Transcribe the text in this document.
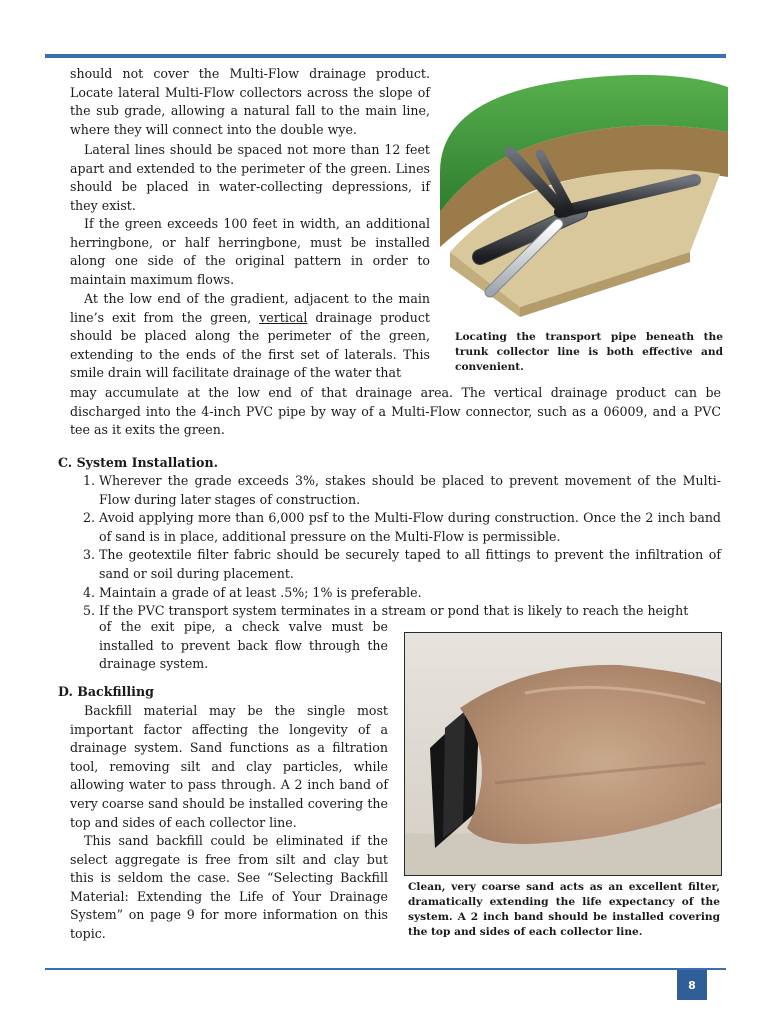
should not cover the Multi-Flow drainage product. Locate lateral Multi-Flow collectors across the slope of the sub grade, allowing a natural fall to the main line, where they will connect into the double wye.

Lateral lines should be spaced not more than 12 feet apart and extended to the perimeter of the green. Lines should be placed in water-collecting depressions, if they exist.

If the green exceeds 100 feet in width, an additional herringbone, or half herringbone, must be installed along one side of the original pattern in order to maintain maximum flows.

At the low end of the gradient, adjacent to the main line’s exit from the green, vertical drainage product should be placed along the perimeter of the green, extending to the ends of the first set of laterals. This smile drain will facilitate drainage of the water that

may accumulate at the low end of that drainage area. The vertical drainage product can be discharged into the 4-inch PVC pipe by way of a Multi-Flow connector, such as a 06009, and a PVC tee as it exits the green.

Locating the transport pipe beneath the trunk collector line is both effective and convenient.

C. System Installation.

1. Wherever the grade exceeds 3%, stakes should be placed to prevent movement of the Multi-Flow during later stages of construction.
2. Avoid applying more than 6,000 psf to the Multi-Flow during construction. Once the 2 inch band of sand is in place, additional pressure on the Multi-Flow is permissible.
3. The geotextile filter fabric should be securely taped to all fittings to prevent the infiltration of sand or soil during placement.
4. Maintain a grade of at least .5%; 1% is preferable.
5. If the PVC transport system terminates in a stream or pond that is likely to reach the height

of the exit pipe, a check valve must be installed to prevent back flow through the drainage system.

D. Backfilling

Backfill material may be the single most important factor affecting the longevity of a drainage system. Sand functions as a filtration tool, removing silt and clay particles, while allowing water to pass through. A 2 inch band of very coarse sand should be installed covering the top and sides of each collector line.

This sand backfill could be eliminated if the select aggregate is free from silt and clay but this is seldom the case. See “Selecting Backfill Material: Extending the Life of Your Drainage System” on page 9 for more information on this topic.

Clean, very coarse sand acts as an excellent filter, dramatically extending the life expectancy of the system. A 2 inch band should be installed covering the top and sides of each collector line.

8
